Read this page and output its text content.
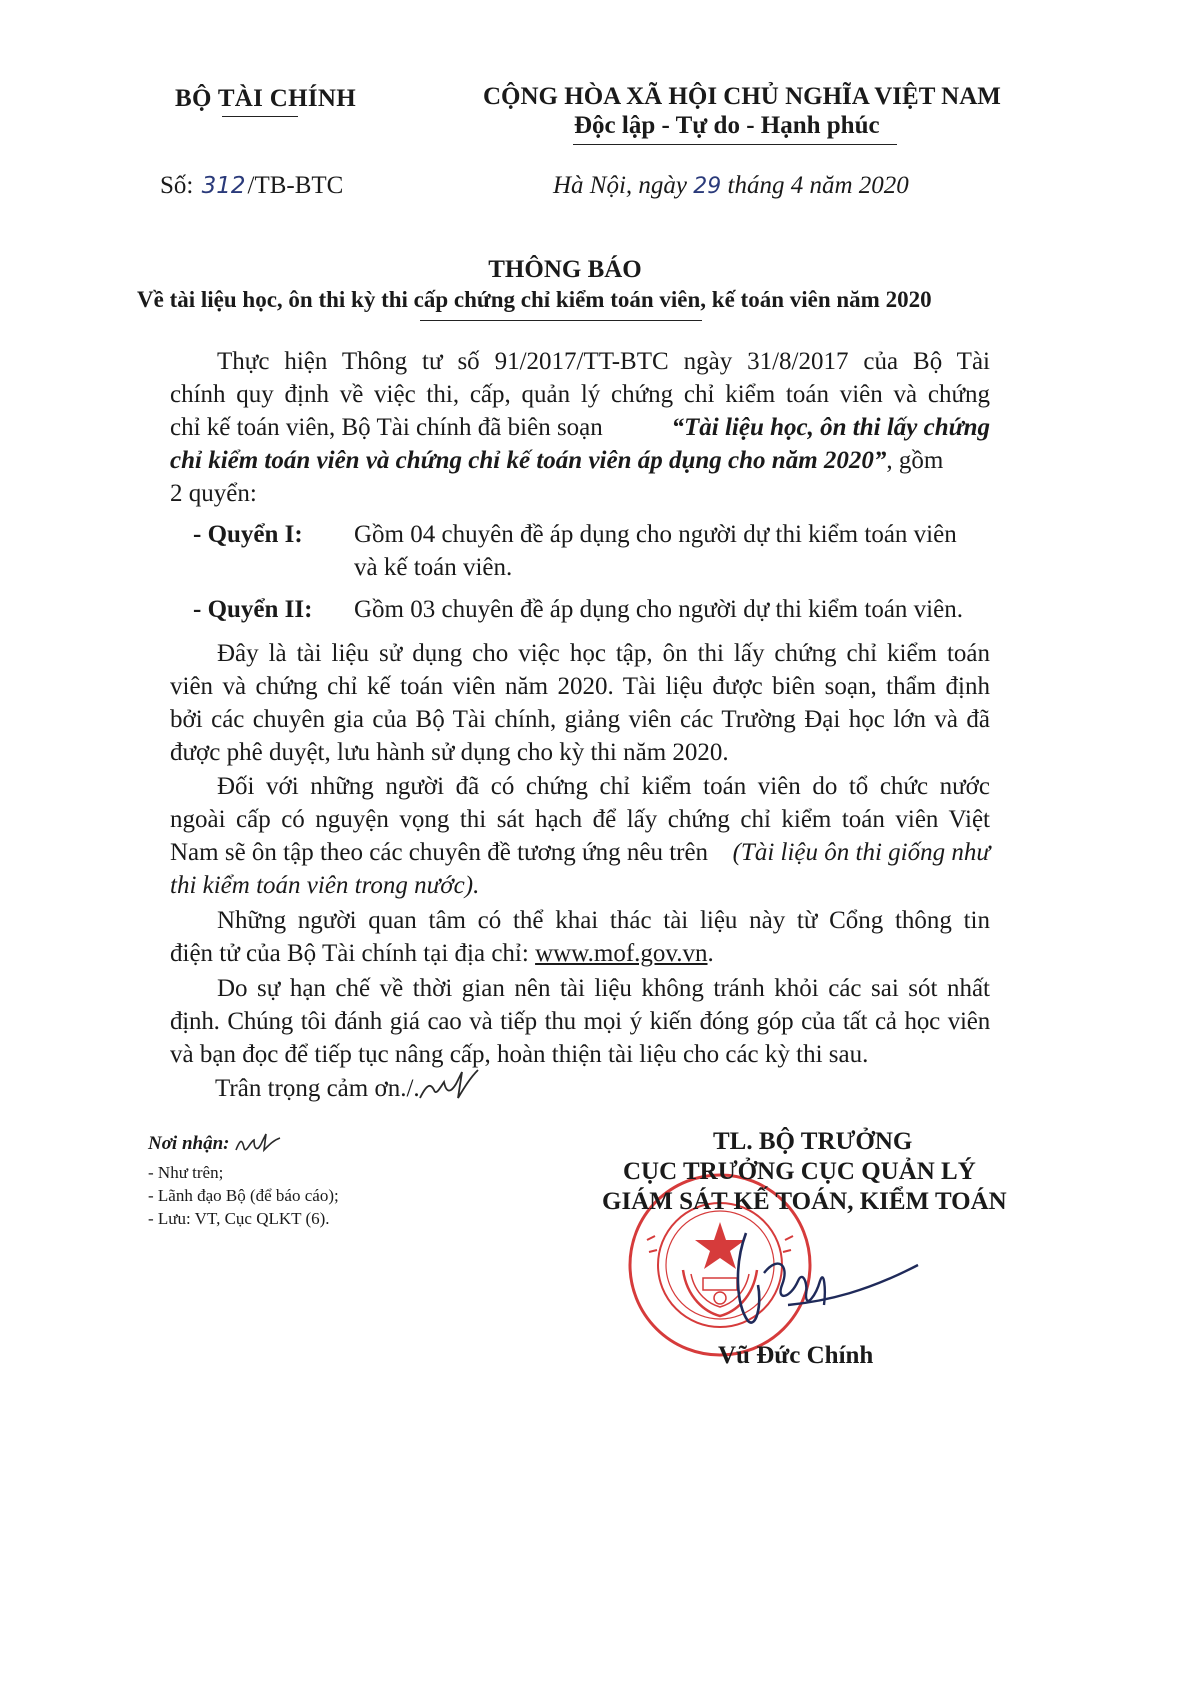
BỘ TÀI CHÍNH	CỘNG HÒA XÃ HỘI CHỦ NGHĨA VIỆT NAM
Độc lập - Tự do - Hạnh phúc
Số: 312/TB-BTC	Hà Nội, ngày 29 tháng 4 năm 2020
THÔNG BÁO
Về tài liệu học, ôn thi kỳ thi cấp chứng chỉ kiểm toán viên, kế toán viên năm 2020
Thực hiện Thông tư số 91/2017/TT-BTC ngày 31/8/2017 của Bộ Tài
chính quy định về việc thi, cấp, quản lý chứng chỉ kiểm toán viên và chứng
chỉ kế toán viên, Bộ Tài chính đã biên soạn	“Tài liệu học, ôn thi lấy chứng
chỉ kiểm toán viên và chứng chỉ kế toán viên áp dụng cho năm 2020”, gồm
2 quyển:
- Quyển I: Gồm 04 chuyên đề áp dụng cho người dự thi kiểm toán viên
và kế toán viên.
- Quyển II: Gồm 03 chuyên đề áp dụng cho người dự thi kiểm toán viên.
Đây là tài liệu sử dụng cho việc học tập, ôn thi lấy chứng chỉ kiểm toán
viên và chứng chỉ kế toán viên năm 2020. Tài liệu được biên soạn, thẩm định
bởi các chuyên gia của Bộ Tài chính, giảng viên các Trường Đại học lớn và đã
được phê duyệt, lưu hành sử dụng cho kỳ thi năm 2020.
Đối với những người đã có chứng chỉ kiểm toán viên do tổ chức nước
ngoài cấp có nguyện vọng thi sát hạch để lấy chứng chỉ kiểm toán viên Việt
Nam sẽ ôn tập theo các chuyên đề tương ứng nêu trên (Tài liệu ôn thi giống như
thi kiểm toán viên trong nước).
Những người quan tâm có thể khai thác tài liệu này từ Cổng thông tin
điện tử của Bộ Tài chính tại địa chỉ: www.mof.gov.vn.
Do sự hạn chế về thời gian nên tài liệu không tránh khỏi các sai sót nhất
định. Chúng tôi đánh giá cao và tiếp thu mọi ý kiến đóng góp của tất cả học viên
và bạn đọc để tiếp tục nâng cấp, hoàn thiện tài liệu cho các kỳ thi sau.
Trân trọng cảm ơn./.
Nơi nhận:
- Như trên;
- Lãnh đạo Bộ (để báo cáo);
- Lưu: VT, Cục QLKT (6).
TL. BỘ TRƯỞNG
CỤC TRƯỞNG CỤC QUẢN LÝ
GIÁM SÁT KẾ TOÁN, KIỂM TOÁN
Vũ Đức Chính
